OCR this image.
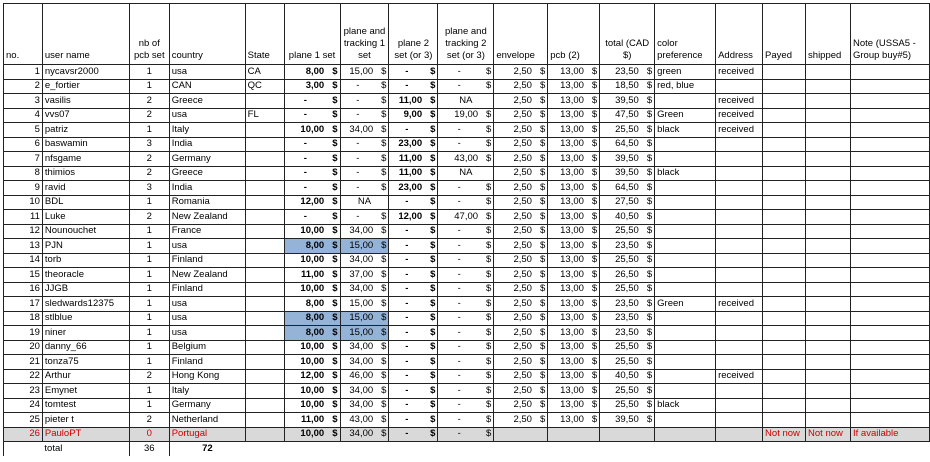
no.	user name	nb of pcb set	country	State	plane 1 set	plane and tracking 1 set	plane 2 set (or 3)	plane and tracking 2 set (or 3)	envelope	pcb (2)	total (CAD $)	color preference	Address	Payed	shipped	Note (USSA5 - Group buy#5)
1	nycavsr2000	1	usa	CA	8,00 $	15,00 $	- $	- $	2,50 $	13,00 $	23,50 $	green	received			
2	e_fortier	1	CAN	QC	3,00 $	- $	- $	- $	2,50 $	13,00 $	18,50 $	red, blue				
3	vasilis	2	Greece		- $	- $	11,00 $	NA	2,50 $	13,00 $	39,50 $		received			
4	vvs07	2	usa	FL	- $	- $	9,00 $	19,00 $	2,50 $	13,00 $	47,50 $	Green	received			
5	patriz	1	Italy		10,00 $	34,00 $	- $	- $	2,50 $	13,00 $	25,50 $	black	received			
6	baswamin	3	India		- $	- $	23,00 $	- $	2,50 $	13,00 $	64,50 $					

7	nfsgame	2	Germany		- $	- $	11,00 $	43,00 $	2,50 $	13,00 $	39,50 $					

8	thimios	2	Greece		- $	- $	11,00 $	NA	2,50 $	13,00 $	39,50 $	black				
9	ravid	3	India		- $	- $	23,00 $	- $	2,50 $	13,00 $	64,50 $					

10	BDL	1	Romania		12,00 $	NA	- $	- $	2,50 $	13,00 $	27,50 $					

11	Luke	2	New Zealand		- $	- $	12,00 $	47,00 $	2,50 $	13,00 $	40,50 $					

12	Nounouchet	1	France		10,00 $	34,00 $	- $	- $	2,50 $	13,00 $	25,50 $					

13	PJN	1	usa		8,00 $	15,00 $	- $	- $	2,50 $	13,00 $	23,50 $					

14	torb	1	Finland		10,00 $	34,00 $	- $	- $	2,50 $	13,00 $	25,50 $					

15	theoracle	1	New Zealand		11,00 $	37,00 $	- $	- $	2,50 $	13,00 $	26,50 $					

16	JJGB	1	Finland		10,00 $	34,00 $	- $	- $	2,50 $	13,00 $	25,50 $					

17	sledwards12375	1	usa		8,00 $	15,00 $	- $	- $	2,50 $	13,00 $	23,50 $	Green	received			
18	stlblue	1	usa		8,00 $	15,00 $	- $	- $	2,50 $	13,00 $	23,50 $					

19	niner	1	usa		8,00 $	15,00 $	- $	- $	2,50 $	13,00 $	23,50 $					

20	danny_66	1	Belgium		10,00 $	34,00 $	- $	- $	2,50 $	13,00 $	25,50 $					

21	tonza75	1	Finland		10,00 $	34,00 $	- $	- $	2,50 $	13,00 $	25,50 $					

22	Arthur	2	Hong Kong		12,00 $	46,00 $	- $	- $	2,50 $	13,00 $	40,50 $		received			
23	Emynet	1	Italy		10,00 $	34,00 $	- $	- $	2,50 $	13,00 $	25,50 $					

24	tomtest	1	Germany		10,00 $	34,00 $	- $	- $	2,50 $	13,00 $	25,50 $	black				
25	pieter t	2	Netherland		11,00 $	43,00 $	- $	- $	2,50 $	13,00 $	39,50 $					

26	PauloPT	0	Portugal		10,00 $	34,00 $	- $	- $						Not now	Not now	If available
	total	36	72													
